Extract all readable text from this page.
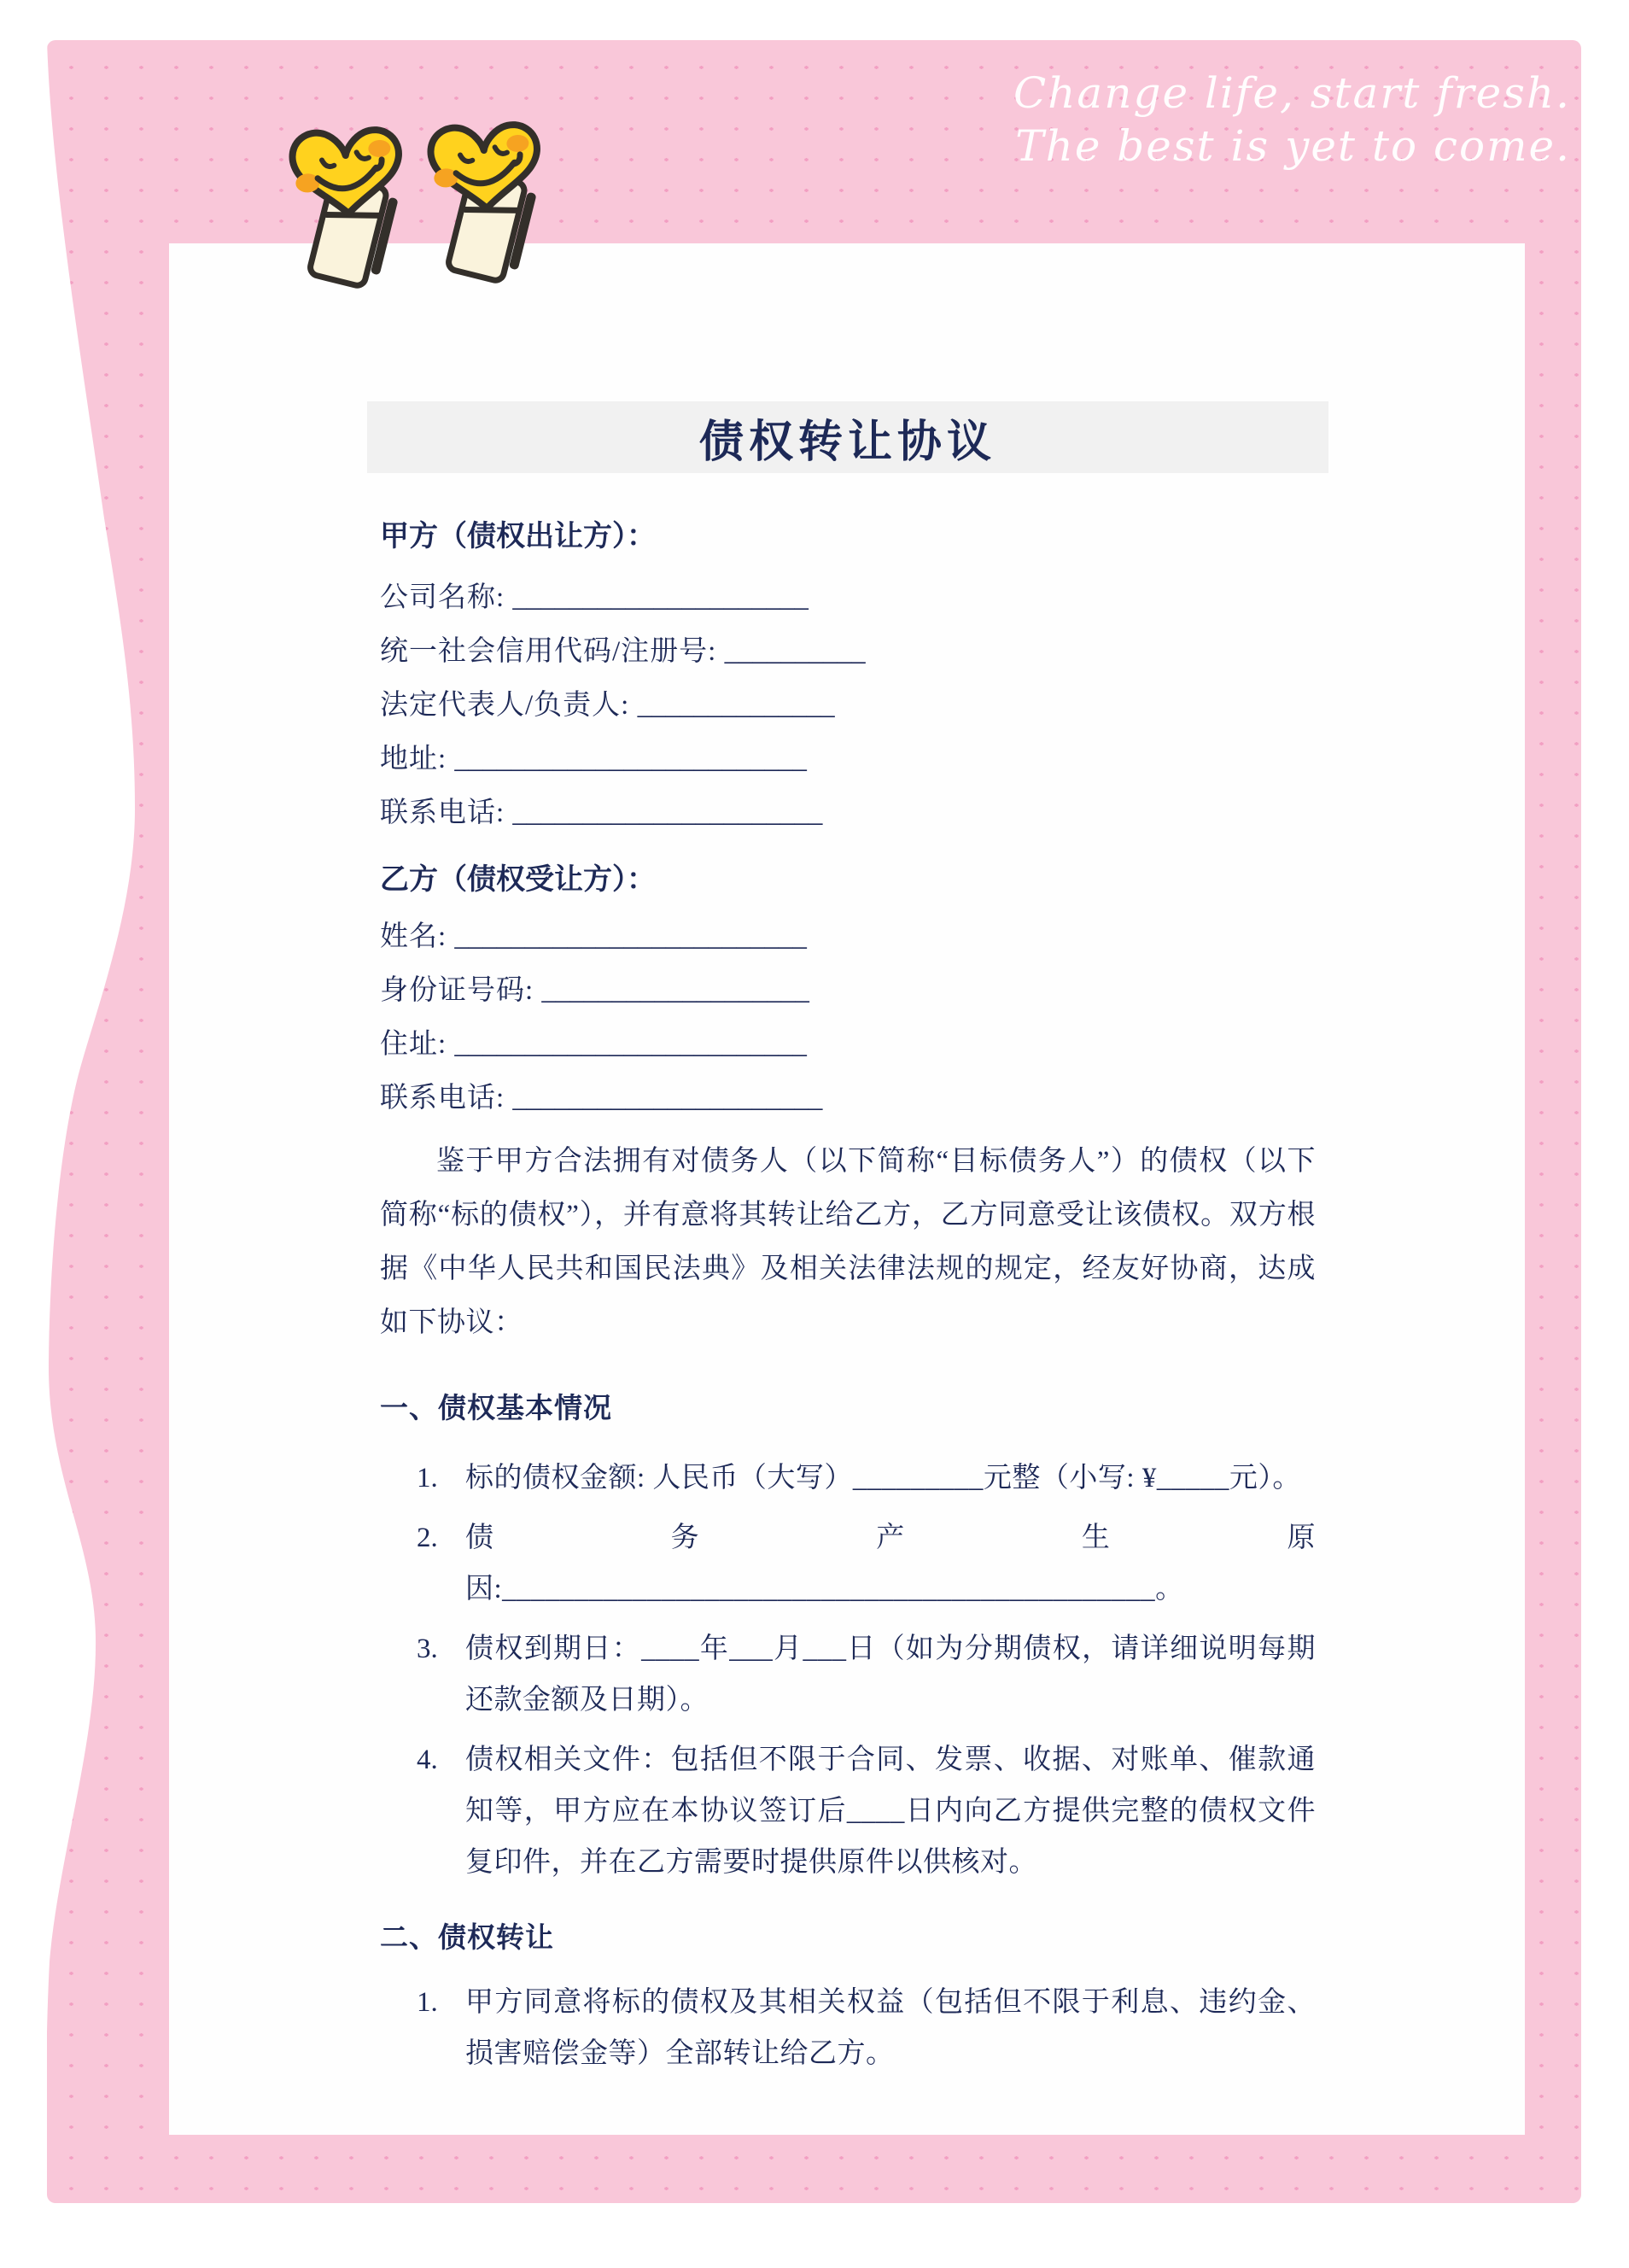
Change life, start fresh.
The best is yet to come.
债权转让协议

甲方（债权出让方）：

公司名称: _____________________
统一社会信用代码/注册号: __________
法定代表人/负责人: ______________
地址: _________________________
联系电话: ______________________

乙方（债权受让方）：

姓名: _________________________
身份证号码: ___________________
住址: _________________________
联系电话: ______________________

鉴于甲方合法拥有对债务人（以下简称“目标债务人”）的债权（以下简称“标的债权”），并有意将其转让给乙方，乙方同意受让该债权。双方根据《中华人民共和国民法典》及相关法律法规的规定，经友好协商，达成如下协议：

一、债权基本情况
1. 标的债权金额: 人民币（大写）_________元整（小写: ¥_____元）。
2. 债务产生原因:_____________________________________________。
3. 债权到期日：____年___月___日（如为分期债权，请详细说明每期还款金额及日期）。
4. 债权相关文件：包括但不限于合同、发票、收据、对账单、催款通知等，甲方应在本协议签订后____日内向乙方提供完整的债权文件复印件，并在乙方需要时提供原件以供核对。
二、债权转让
1. 甲方同意将标的债权及其相关权益（包括但不限于利息、违约金、损害赔偿金等）全部转让给乙方。
